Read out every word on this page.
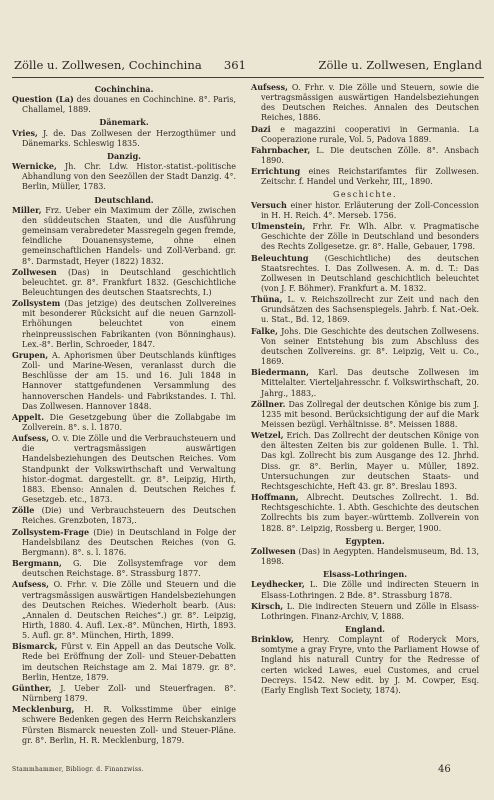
Zölle u. Zollwesen, Cochinchina	361	Zölle u. Zollwesen, England
Cochinchina.

Question (La) des douanes en Cochinchine. 8°. Paris, Challamel, 1889.

Dänemark.

Vries, J. de. Das Zollwesen der Herzogthümer und Dänemarks. Schleswig 1835.

Danzig.

Wernicke, Jh. Chr. Ldw. Histor.-statist.-politische Abhandlung von den Seezöllen der Stadt Danzig. 4°. Berlin, Müller, 1783.

Deutschland.

Miller, Frz. Ueber ein Maximum der Zölle, zwischen den süddeutschen Staaten, und die Ausführung gemeinsam verabredeter Massregeln gegen fremde, feindliche Douanensysteme, ohne einen gemeinschaftlichen Handels- und Zoll-Verband. gr. 8°. Darmstadt, Heyer (1822) 1832.

Zollwesen (Das) in Deutschland geschichtlich beleuchtet. gr. 8°. Frankfurt 1832. (Geschichtliche Beleuchtungen des deutschen Staatsrechts, I.)

Zollsystem (Das jetzige) des deutschen Zollvereines mit besonderer Rücksicht auf die neuen Garnzoll-Erhöhungen beleuchtet von einem rheinpreussischen Fabrikanten (von Bönninghaus). Lex.-8°. Berlin, Schroeder, 1847.

Grupen, A. Aphorismen über Deutschlands künftiges Zoll- und Marine-Wesen, veranlasst durch die Beschlüsse der am 15. und 16. Juli 1848 in Hannover stattgefundenen Versammlung des hannoverschen Handels- und Fabrikstandes. I. Thl. Das Zollwesen. Hannover 1848.

Appelt. Die Gesetzgebung über die Zollabgabe im Zollverein. 8°. s. l. 1870.

Aufsess, O. v. Die Zölle und die Verbrauchsteuern und die vertragsmässigen auswärtigen Handelsbeziehungen des Deutschen Reiches. Vom Standpunkt der Volkswirthschaft und Verwaltung histor.-dogmat. dargestellt. gr. 8°. Leipzig, Hirth, 1883. Ebenso: Annalen d. Deutschen Reiches f. Gesetzgeb. etc., 1873.

Zölle (Die) und Verbrauchsteuern des Deutschen Reiches. Grenzboten, 1873,.

Zollsystem-Frage (Die) in Deutschland in Folge der Handelsbilanz des Deutschen Reiches (von G. Bergmann). 8°. s. l. 1876.

Bergmann, G. Die Zollsystemfrage vor dem deutschen Reichstage. 8°. Strassburg 1877.

Aufsess, O. Frhr. v. Die Zölle und Steuern und die vertragsmässigen auswärtigen Handelsbeziehungen des Deutschen Reiches. Wiederholt bearb. (Aus: „Annalen d. Deutschen Reiches“.) gr. 8°. Leipzig, Hirth, 1880. 4. Aufl. Lex.-8°. München, Hirth, 1893. 5. Aufl. gr. 8°. München, Hirth, 1899.

Bismarck, Fürst v. Ein Appell an das Deutsche Volk. Rede bei Eröffnung der Zoll- und Steuer-Debatten im deutschen Reichstage am 2. Mai 1879. gr. 8°. Berlin, Hentze, 1879.

Günther, J. Ueber Zoll- und Steuerfragen. 8°. Nürnberg 1879.

Mecklenburg, H. R. Volksstimme über einige schwere Bedenken gegen des Herrn Reichskanzlers Fürsten Bismarck neuesten Zoll- und Steuer-Pläne. gr. 8°. Berlin, H. R. Mecklenburg, 1879.

Aufsess, O. Frhr. v. Die Zölle und Steuern, sowie die vertragsmässigen auswärtigen Handelsbeziehungen des Deutschen Reiches. Annalen des Deutschen Reiches, 1886.

Dazi e magazzini cooperativi in Germania. La Cooperazione rurale, Vol. 5, Padova 1889.

Fahrnbacher, L. Die deutschen Zölle. 8°. Ansbach 1890.

Errichtung eines Reichstarifamtes für Zollwesen. Zeitschr. f. Handel und Verkehr, III,, 1890.

Geschichte.

Versuch einer histor. Erläuterung der Zoll-Concession in H. H. Reich. 4°. Merseb. 1756.

Ulmenstein, Frhr. Fr. Wlh. Albr. v. Pragmatische Geschichte der Zölle in Deutschland und besonders des Rechts Zollgesetze. gr. 8°. Halle, Gebauer, 1798.

Beleuchtung (Geschichtliche) des deutschen Staatsrechtes. I. Das Zollwesen. A. m. d. T.: Das Zollwesen in Deutschland geschichtlich beleuchtet (von J. F. Böhmer). Frankfurt a. M. 1832.

Thüna, L. v. Reichszollrecht zur Zeit und nach den Grundsätzen des Sachsenspiegels. Jahrb. f. Nat.-Oek. u. Stat., Bd. 12, 1869.

Falke, Johs. Die Geschichte des deutschen Zollwesens. Von seiner Entstehung bis zum Abschluss des deutschen Zollvereins. gr. 8°. Leipzig, Veit u. Co., 1869.

Biedermann, Karl. Das deutsche Zollwesen im Mittelalter. Vierteljahresschr. f. Volkswirthschaft, 20. Jahrg., 1883,.

Zöllner. Das Zollregal der deutschen Könige bis zum J. 1235 mit besond. Berücksichtigung der auf die Mark Meissen bezügl. Verhältnisse. 8°. Meissen 1888.

Wetzel, Erich. Das Zollrecht der deutschen Könige von den ältesten Zeiten bis zur goldenen Bulle. 1. Thl. Das kgl. Zollrecht bis zum Ausgange des 12. Jhrhd. Diss. gr. 8°. Berlin, Mayer u. Müller, 1892. Untersuchungen zur deutschen Staats- und Rechtsgeschichte, Heft 43. gr. 8°. Breslau 1893.

Hoffmann, Albrecht. Deutsches Zollrecht. 1. Bd. Rechtsgeschichte. 1. Abth. Geschichte des deutschen Zollrechts bis zum bayer.-württemb. Zollverein von 1828. 8°. Leipzig, Rossberg u. Berger, 1900.

Egypten.

Zollwesen (Das) in Aegypten. Handelsmuseum, Bd. 13, 1898.

Elsass-Lothringen.

Leydhecker, L. Die Zölle und indirecten Steuern in Elsass-Lothringen. 2 Bde. 8°. Strassburg 1878.

Kirsch, L. Die indirecten Steuern und Zölle in Elsass-Lothringen. Finanz-Archiv, V, 1888.

England.

Brinklow, Henry. Complaynt of Roderyck Mors, somtyme a gray Fryre, vnto the Parliament Howse of Ingland his naturall Cuntry for the Redresse of certen wicked Lawes, euel Customes, and cruel Decreys. 1542. New edit. by J. M. Cowper, Esq. (Early English Text Society, 1874).

Stammhammer, Bibliogr. d. Finanzwiss.	46
